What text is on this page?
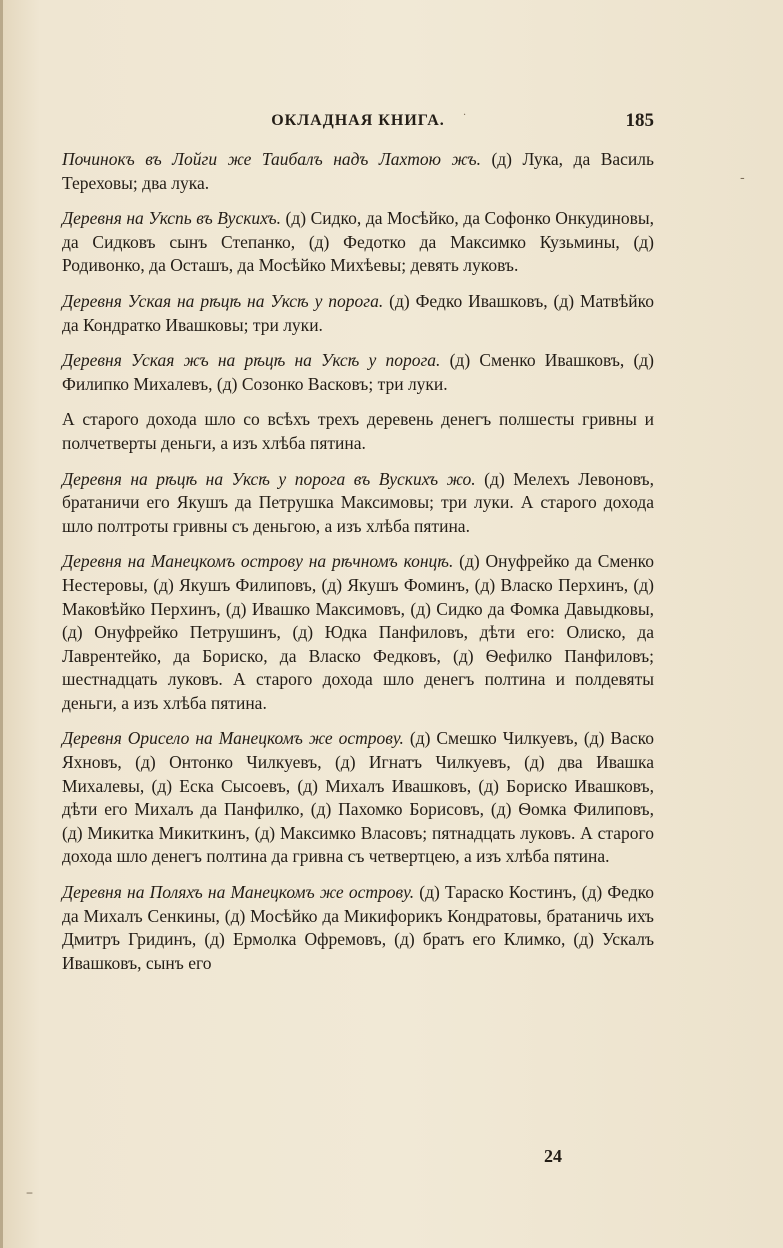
·
-
–
ОКЛАДНАЯ КНИГА.	185

Починокъ въ Лойги же Таибалъ надъ Лахтою жъ. (д) Лука, да Василь Тереховы; два лука.

Деревня на Укспь въ Вускихъ. (д) Сидко, да Мосѣйко, да Софонко Онкудиновы, да Сидковъ сынъ Степанко, (д) Федотко да Максимко Кузьмины, (д) Родивонко, да Осташъ, да Мосѣйко Михѣевы; девять луковъ.

Деревня Уская на рѣцѣ на Уксѣ у порога. (д) Федко Ивашковъ, (д) Матвѣйко да Кондратко Ивашковы; три луки.

Деревня Уская жъ на рѣцѣ на Уксѣ у порога. (д) Сменко Ивашковъ, (д) Филипко Михалевъ, (д) Созонко Васковъ; три луки.

А старого дохода шло со всѣхъ трехъ деревень денегъ полшесты гривны и полчетверты деньги, а изъ хлѣба пятина.

Деревня на рѣцѣ на Уксѣ у порога въ Вускихъ жо. (д) Мелехъ Левоновъ, братаничи его Якушъ да Петрушка Максимовы; три луки. А старого дохода шло полтроты гривны съ деньгою, а изъ хлѣба пятина.

Деревня на Манецкомъ острову на рѣчномъ концѣ. (д) Онуфрейко да Сменко Нестеровы, (д) Якушъ Филиповъ, (д) Якушъ Фоминъ, (д) Власко Перхинъ, (д) Маковѣйко Перхинъ, (д) Ивашко Максимовъ, (д) Сидко да Фомка Давыдковы, (д) Онуфрейко Петрушинъ, (д) Юдка Панфиловъ, дѣти его: Олиско, да Лаврентейко, да Бориско, да Власко Федковъ, (д) Ѳефилко Панфиловъ; шестнадцать луковъ. А старого дохода шло денегъ полтина и полдевяты деньги, а изъ хлѣба пятина.

Деревня Орисело на Манецкомъ же острову. (д) Смешко Чилкуевъ, (д) Васко Яхновъ, (д) Онтонко Чилкуевъ, (д) Игнатъ Чилкуевъ, (д) два Ивашка Михалевы, (д) Еска Сысоевъ, (д) Михалъ Ивашковъ, (д) Бориско Ивашковъ, дѣти его Михалъ да Панфилко, (д) Пахомко Борисовъ, (д) Ѳомка Филиповъ, (д) Микитка Микиткинъ, (д) Максимко Власовъ; пятнадцать луковъ. А старого дохода шло денегъ полтина да гривна съ четвертцею, а изъ хлѣба пятина.

Деревня на Поляхъ на Манецкомъ же острову. (д) Тараско Костинъ, (д) Федко да Михалъ Сенкины, (д) Мосѣйко да Микифорикъ Кондратовы, братаничь ихъ Дмитръ Гридинъ, (д) Ермолка Офремовъ, (д) братъ его Климко, (д) Ускалъ Ивашковъ, сынъ его

24
